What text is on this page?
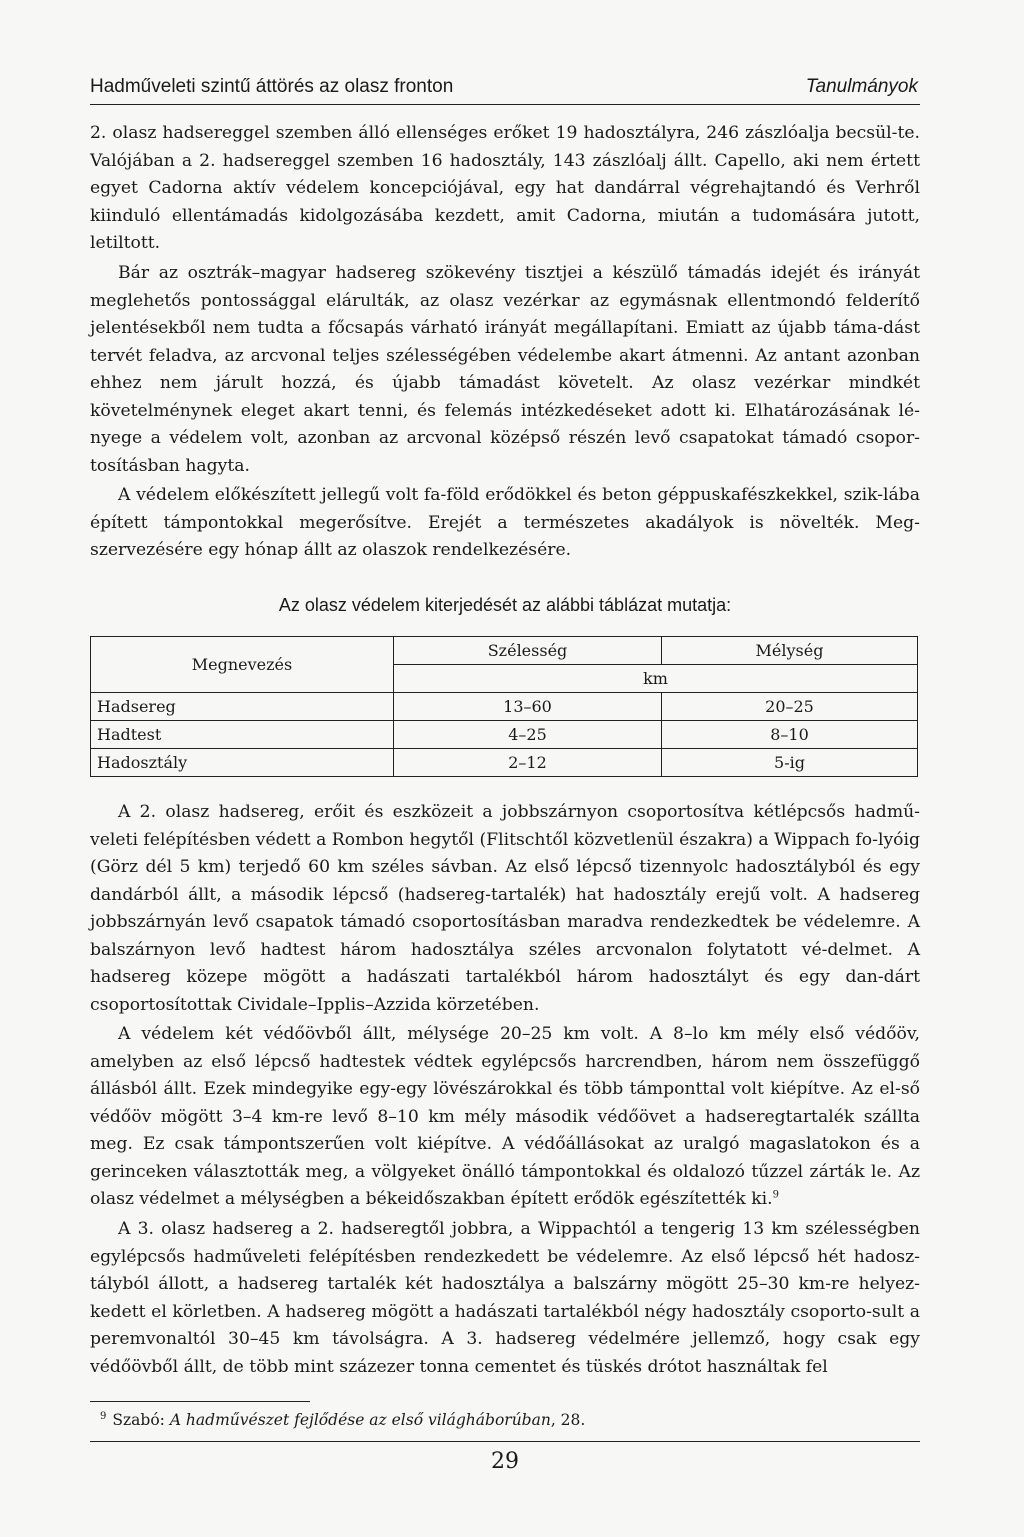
Hadműveleti szintű áttörés az olasz fronton	Tanulmányok

2. olasz hadsereggel szemben álló ellenséges erőket 19 hadosztályra, 246 zászlóalja becsül-te. Valójában a 2. hadsereggel szemben 16 hadosztály, 143 zászlóalj állt. Capello, aki nem értett egyet Cadorna aktív védelem koncepciójával, egy hat dandárral végrehajtandó és Verhről kiinduló ellentámadás kidolgozásába kezdett, amit Cadorna, miután a tudomására jutott, letiltott.

Bár az osztrák–magyar hadsereg szökevény tisztjei a készülő támadás idejét és irányát meglehetős pontossággal elárulták, az olasz vezérkar az egymásnak ellentmondó felderítő jelentésekből nem tudta a főcsapás várható irányát megállapítani. Emiatt az újabb táma-dást tervét feladva, az arcvonal teljes szélességében védelembe akart átmenni. Az antant azonban ehhez nem járult hozzá, és újabb támadást követelt. Az olasz vezérkar mindkét követelménynek eleget akart tenni, és felemás intézkedéseket adott ki. Elhatározásának lé-nyege a védelem volt, azonban az arcvonal középső részén levő csapatokat támadó csopor-tosításban hagyta.

A védelem előkészített jellegű volt fa-föld erődökkel és beton géppuskafészkekkel, szik-lába épített támpontokkal megerősítve. Erejét a természetes akadályok is növelték. Meg-szervezésére egy hónap állt az olaszok rendelkezésére.

Az olasz védelem kiterjedését az alábbi táblázat mutatja:
Megnevezés	Szélesség	Mélység
	km	
Hadsereg	13–60	20–25
Hadtest	4–25	8–10
Hadosztály	2–12	5-ig

A 2. olasz hadsereg, erőit és eszközeit a jobbszárnyon csoportosítva kétlépcsős hadmű-veleti felépítésben védett a Rombon hegytől (Flitschtől közvetlenül északra) a Wippach fo-lyóig (Görz dél 5 km) terjedő 60 km széles sávban. Az első lépcső tizennyolc hadosztályból és egy dandárból állt, a második lépcső (hadsereg-tartalék) hat hadosztály erejű volt. A hadsereg jobbszárnyán levő csapatok támadó csoportosításban maradva rendezkedtek be védelemre. A balszárnyon levő hadtest három hadosztálya széles arcvonalon folytatott vé-delmet. A hadsereg közepe mögött a hadászati tartalékból három hadosztályt és egy dan-dárt csoportosítottak Cividale–Ipplis–Azzida körzetében.

A védelem két védőövből állt, mélysége 20–25 km volt. A 8–lo km mély első védőöv, amelyben az első lépcső hadtestek védtek egylépcsős harcrendben, három nem összefüggő állásból állt. Ezek mindegyike egy-egy lövészárokkal és több támponttal volt kiépítve. Az el-ső védőöv mögött 3–4 km-re levő 8–10 km mély második védőövet a hadseregtartalék szállta meg. Ez csak támpontszerűen volt kiépítve. A védőállásokat az uralgó magaslatokon és a gerinceken választották meg, a völgyeket önálló támpontokkal és oldalozó tűzzel zárták le. Az olasz védelmet a mélységben a békeidőszakban épített erődök egészítették ki.$^9$

A 3. olasz hadsereg a 2. hadseregtől jobbra, a Wippachtól a tengerig 13 km szélességben egylépcsős hadműveleti felépítésben rendezkedett be védelemre. Az első lépcső hét hadosz-tályból állott, a hadsereg tartalék két hadosztálya a balszárny mögött 25–30 km-re helyez-kedett el körletben. A hadsereg mögött a hadászati tartalékból négy hadosztály csoporto-sult a peremvonaltól 30–45 km távolságra. A 3. hadsereg védelmére jellemző, hogy csak egy védőövből állt, de több mint százezer tonna cementet és tüskés drótot használtak fel

$^9$ Szabó: A hadművészet fejlődése az első világháborúban, 28.
29
